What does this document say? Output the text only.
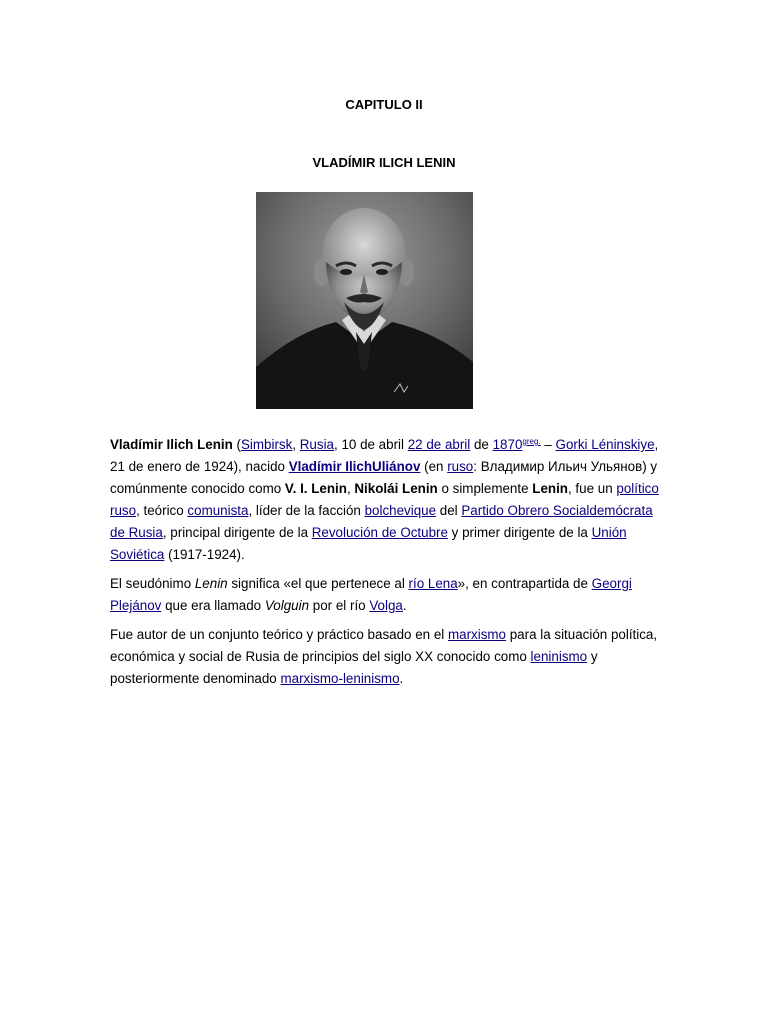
CAPITULO II
VLADÍMIR ILICH LENIN

Vladímir Ilich Lenin (Simbirsk, Rusia, 10 de abril 22 de abril de $1870^{greg.}$ – Gorki Léninskiye, 21 de enero de 1924), nacido Vladímir IlichUliánov (en ruso: Владимир Ильич Ульянов) y comúnmente conocido como V. I. Lenin, Nikolái Lenin o simplemente Lenin, fue un político ruso, teórico comunista, líder de la facción bolchevique del Partido Obrero Socialdemócrata de Rusia, principal dirigente de la Revolución de Octubre y primer dirigente de la Unión Soviética (1917-1924).

El seudónimo Lenin significa «el que pertenece al río Lena», en contrapartida de Georgi Plejánov que era llamado Volguin por el río Volga.

Fue autor de un conjunto teórico y práctico basado en el marxismo para la situación política, económica y social de Rusia de principios del siglo XX conocido como leninismo y posteriormente denominado marxismo-leninismo.
